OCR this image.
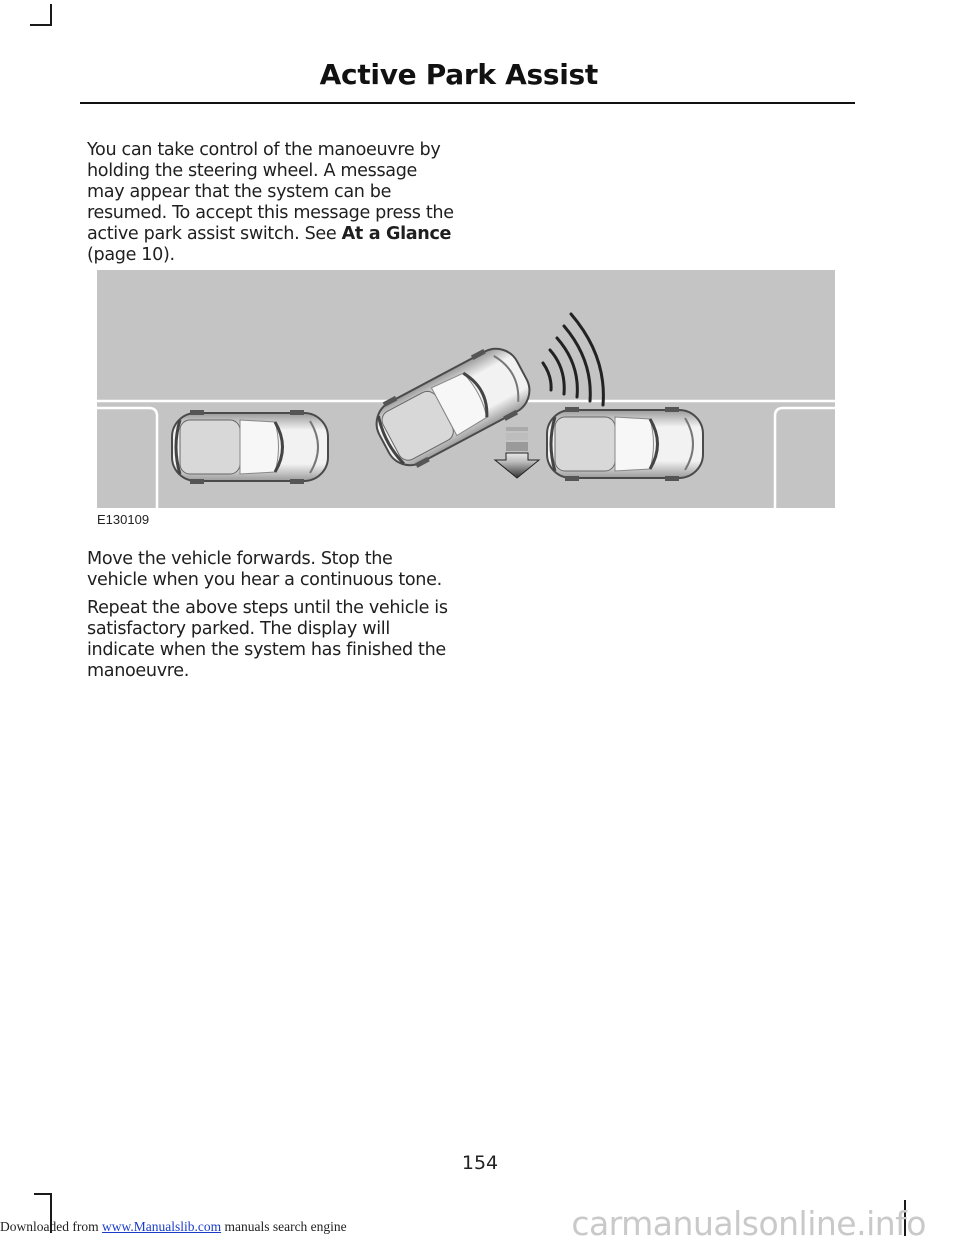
Active Park Assist
You can take control of the manoeuvre by holding the steering wheel. A message may appear that the system can be resumed. To accept this message press the active park assist switch. See At a Glance (page 10).
E130109
Move the vehicle forwards. Stop the vehicle when you hear a continuous tone.
Repeat the above steps until the vehicle is satisfactory parked. The display will indicate when the system has finished the manoeuvre.
154
Downloaded from www.Manualslib.com manuals search engine	carmanualsonline.info
